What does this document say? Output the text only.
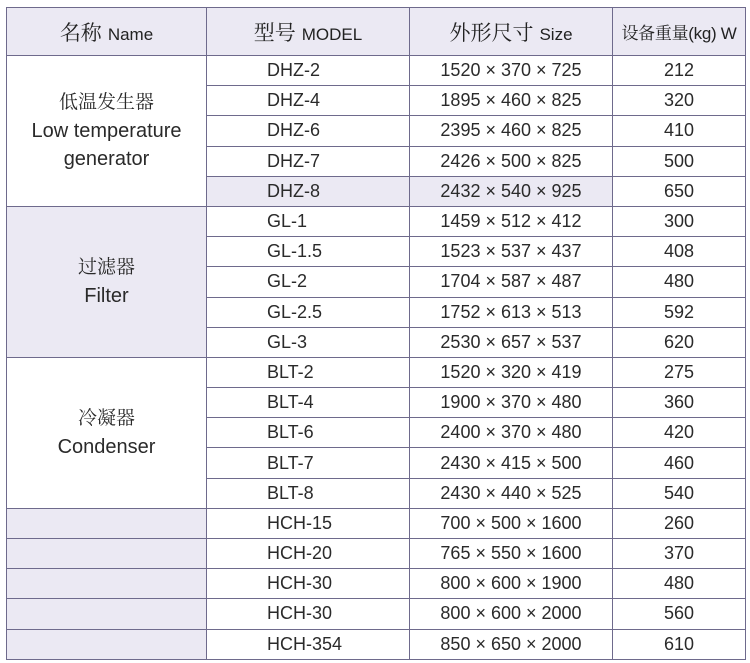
名称 Name	型号 MODEL	外形尺寸 Size	设备重量(kg) W

低温发生器
Low temperature
generator	DHZ-2	1520 × 370 × 725	212
	DHZ-4	1895 × 460 × 825	320
	DHZ-6	2395 × 460 × 825	410
	DHZ-7	2426 × 500 × 825	500
	DHZ-8	2432 × 540 × 925	650

过滤器
Filter	GL-1	1459 × 512 × 412	300
	GL-1.5	1523 × 537 × 437	408
	GL-2	1704 × 587 × 487	480
	GL-2.5	1752 × 613 × 513	592
	GL-3	2530 × 657 × 537	620

冷凝器
Condenser	BLT-2	1520 × 320 × 419	275
	BLT-4	1900 × 370 × 480	360
	BLT-6	2400 × 370 × 480	420
	BLT-7	2430 × 415 × 500	460
	BLT-8	2430 × 440 × 525	540
	HCH-15	700 × 500 × 1600	260
	HCH-20	765 × 550 × 1600	370
	HCH-30	800 × 600 × 1900	480
	HCH-30	800 × 600 × 2000	560
	HCH-354	850 × 650 × 2000	610
